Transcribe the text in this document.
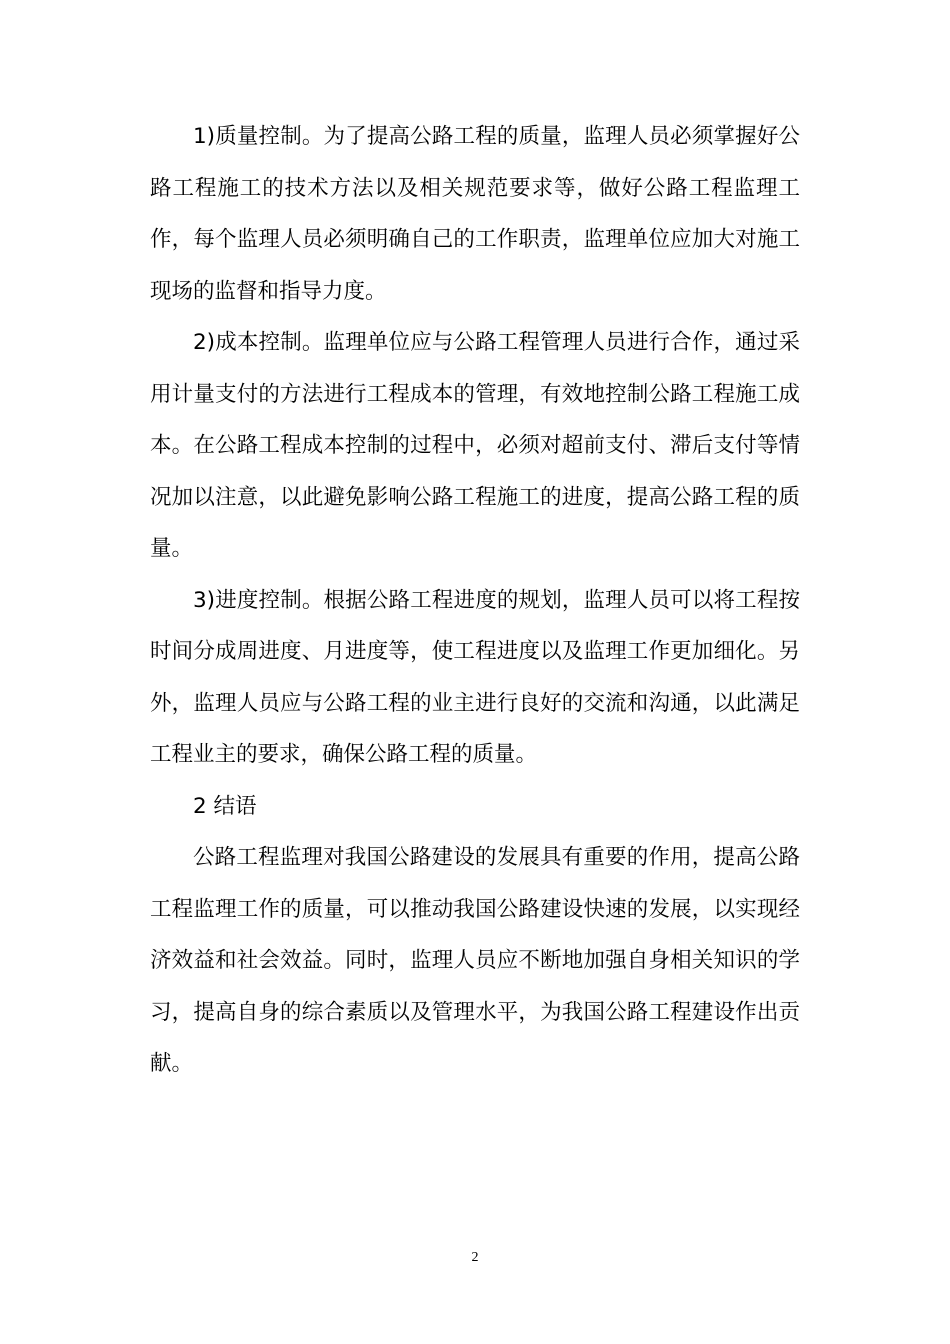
1)质量控制。为了提高公路工程的质量，监理人员必须掌握好公路工程施工的技术方法以及相关规范要求等，做好公路工程监理工作，每个监理人员必须明确自己的工作职责，监理单位应加大对施工现场的监督和指导力度。

2)成本控制。监理单位应与公路工程管理人员进行合作，通过采用计量支付的方法进行工程成本的管理，有效地控制公路工程施工成本。在公路工程成本控制的过程中，必须对超前支付、滞后支付等情况加以注意，以此避免影响公路工程施工的进度，提高公路工程的质量。

3)进度控制。根据公路工程进度的规划，监理人员可以将工程按时间分成周进度、月进度等，使工程进度以及监理工作更加细化。另外，监理人员应与公路工程的业主进行良好的交流和沟通，以此满足工程业主的要求，确保公路工程的质量。

2 结语

公路工程监理对我国公路建设的发展具有重要的作用，提高公路工程监理工作的质量，可以推动我国公路建设快速的发展，以实现经济效益和社会效益。同时，监理人员应不断地加强自身相关知识的学习，提高自身的综合素质以及管理水平，为我国公路工程建设作出贡献。

2
